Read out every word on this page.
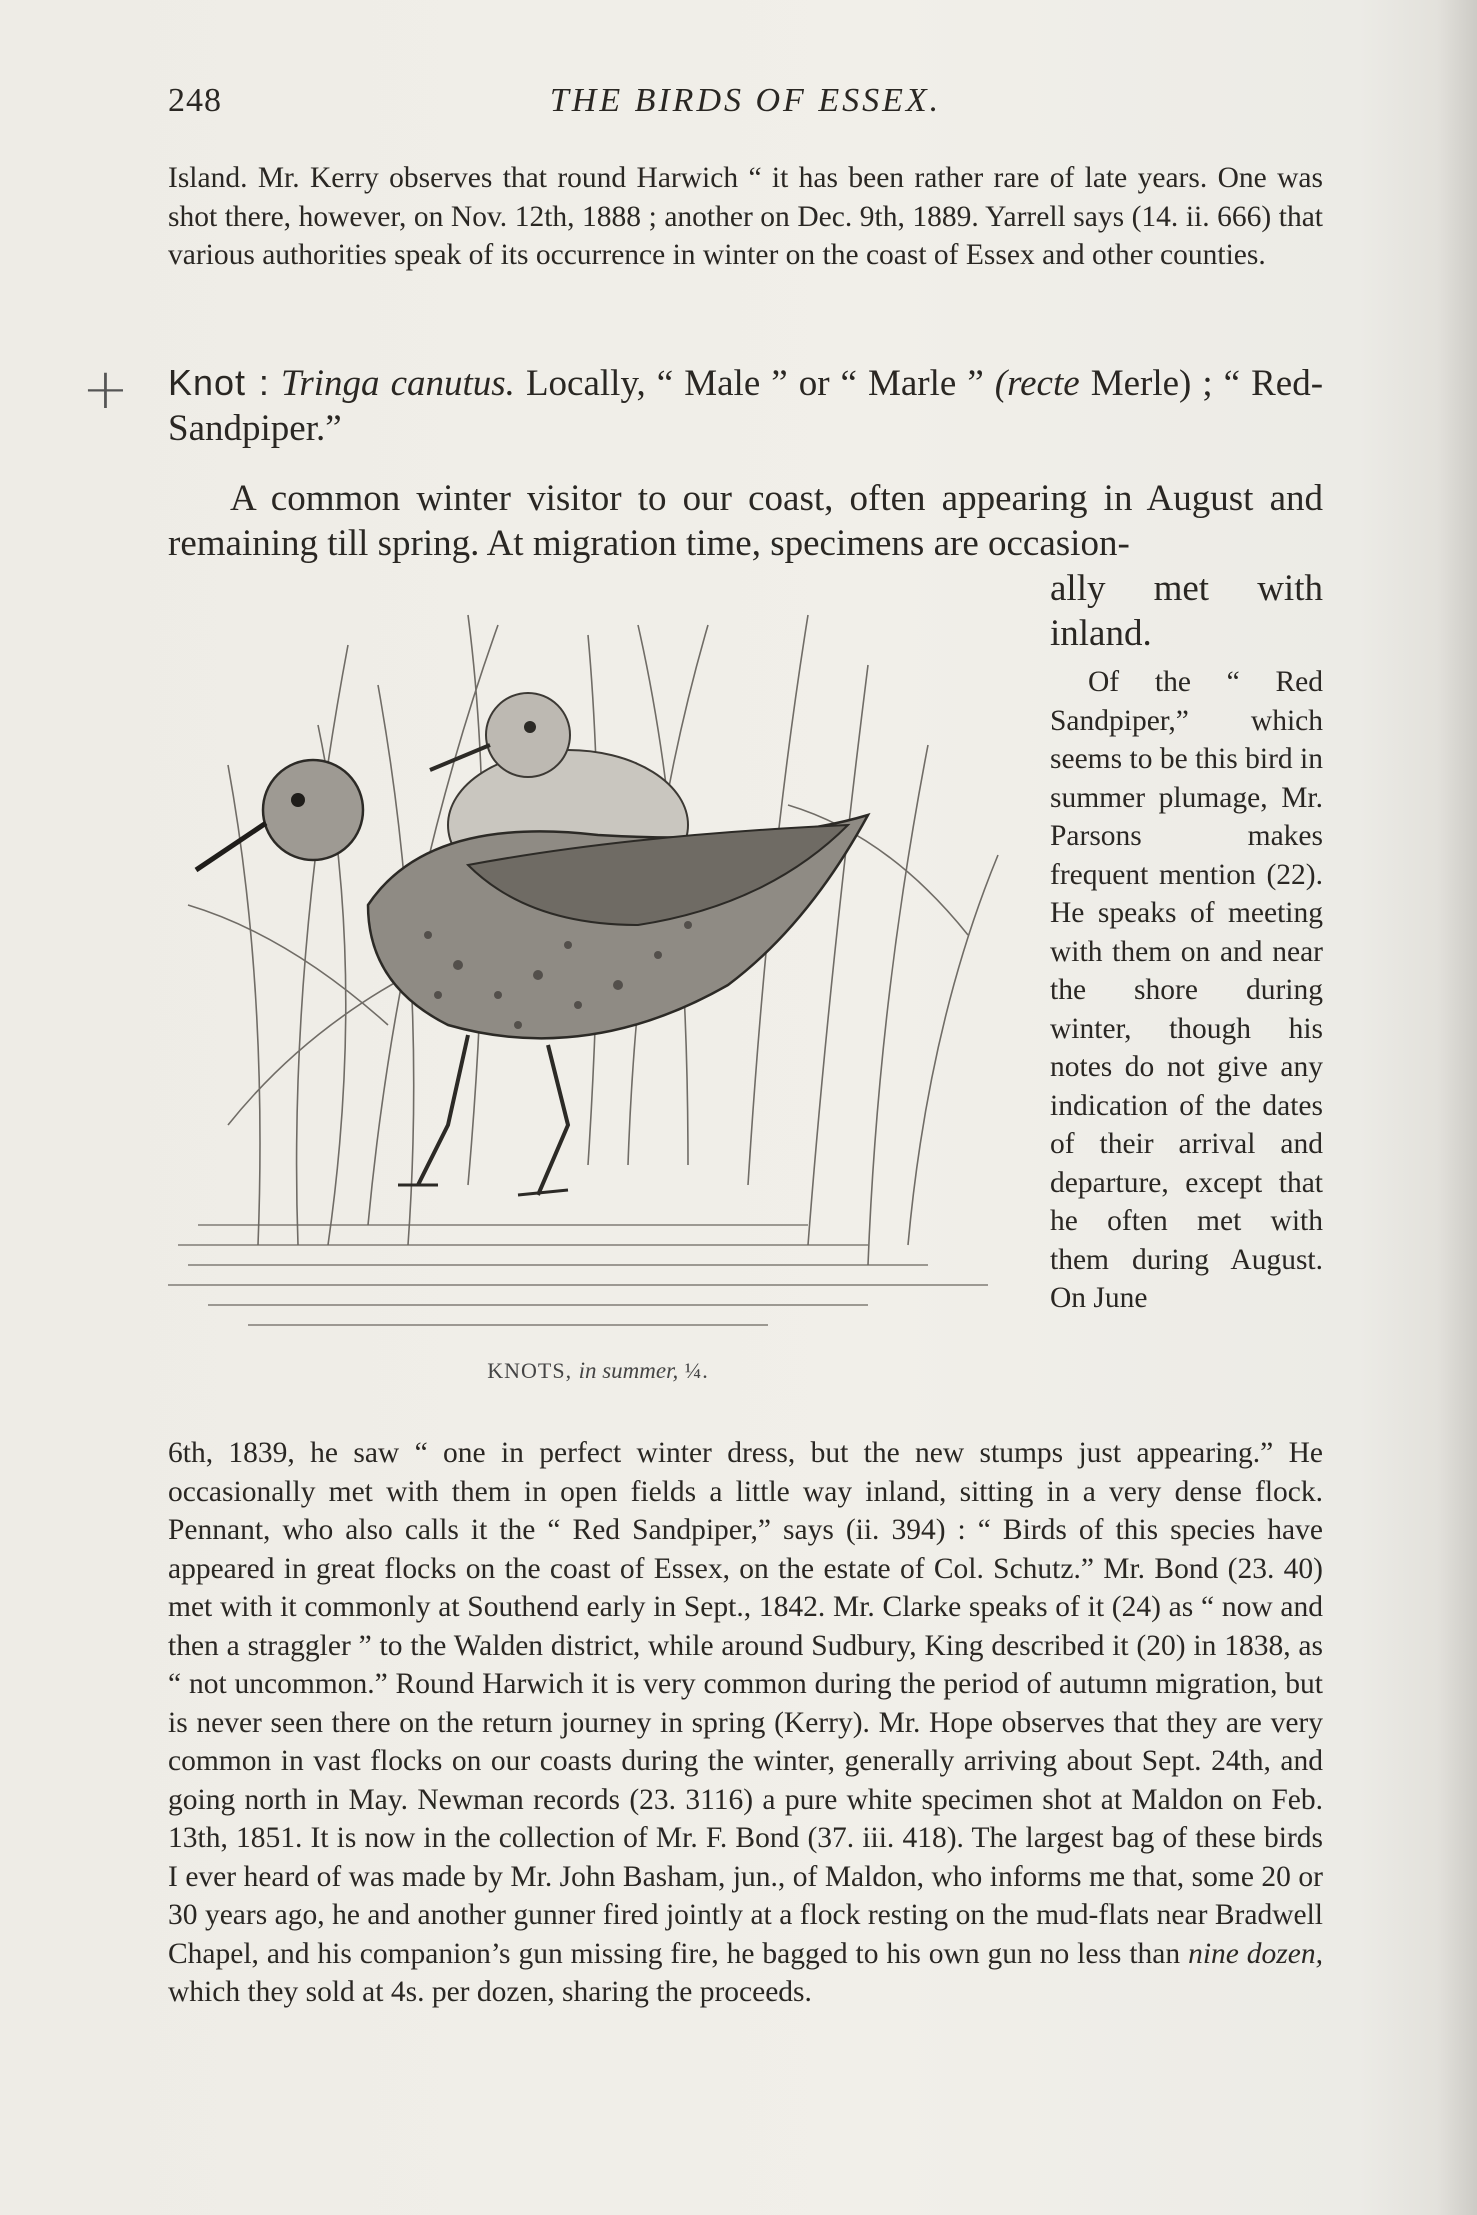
248	THE BIRDS OF ESSEX.
Island. Mr. Kerry observes that round Harwich “ it has been rather rare of late years. One was shot there, however, on Nov. 12th, 1888 ; another on Dec. 9th, 1889. Yarrell says (14. ii. 666) that various authorities speak of its occurrence in winter on the coast of Essex and other counties.
+ Knot : Tringa canutus. Locally, “ Male ” or “ Marle ” (recte Merle) ; “ Red-Sandpiper.”
A common winter visitor to our coast, often appearing in August and remaining till spring. At migration time, specimens are occasion-
ally met with inland.
Of the “ Red Sandpiper,” which seems to be this bird in summer plumage, Mr. Parsons makes frequent mention (22). He speaks of meeting with them on and near the shore during winter, though his notes do not give any indication of the dates of their arrival and departure, except that he often met with them during August. On June
KNOTS, in summer, ¼.
6th, 1839, he saw “ one in perfect winter dress, but the new stumps just appearing.” He occasionally met with them in open fields a little way inland, sitting in a very dense flock. Pennant, who also calls it the “ Red Sandpiper,” says (ii. 394) : “ Birds of this species have appeared in great flocks on the coast of Essex, on the estate of Col. Schutz.” Mr. Bond (23. 40) met with it commonly at Southend early in Sept., 1842. Mr. Clarke speaks of it (24) as “ now and then a straggler ” to the Walden district, while around Sudbury, King described it (20) in 1838, as “ not uncommon.” Round Harwich it is very common during the period of autumn migration, but is never seen there on the return journey in spring (Kerry). Mr. Hope observes that they are very common in vast flocks on our coasts during the winter, generally arriving about Sept. 24th, and going north in May. Newman records (23. 3116) a pure white specimen shot at Maldon on Feb. 13th, 1851. It is now in the collection of Mr. F. Bond (37. iii. 418). The largest bag of these birds I ever heard of was made by Mr. John Basham, jun., of Maldon, who informs me that, some 20 or 30 years ago, he and another gunner fired jointly at a flock resting on the mud-flats near Bradwell Chapel, and his companion’s gun missing fire, he bagged to his own gun no less than nine dozen, which they sold at 4s. per dozen, sharing the proceeds.
